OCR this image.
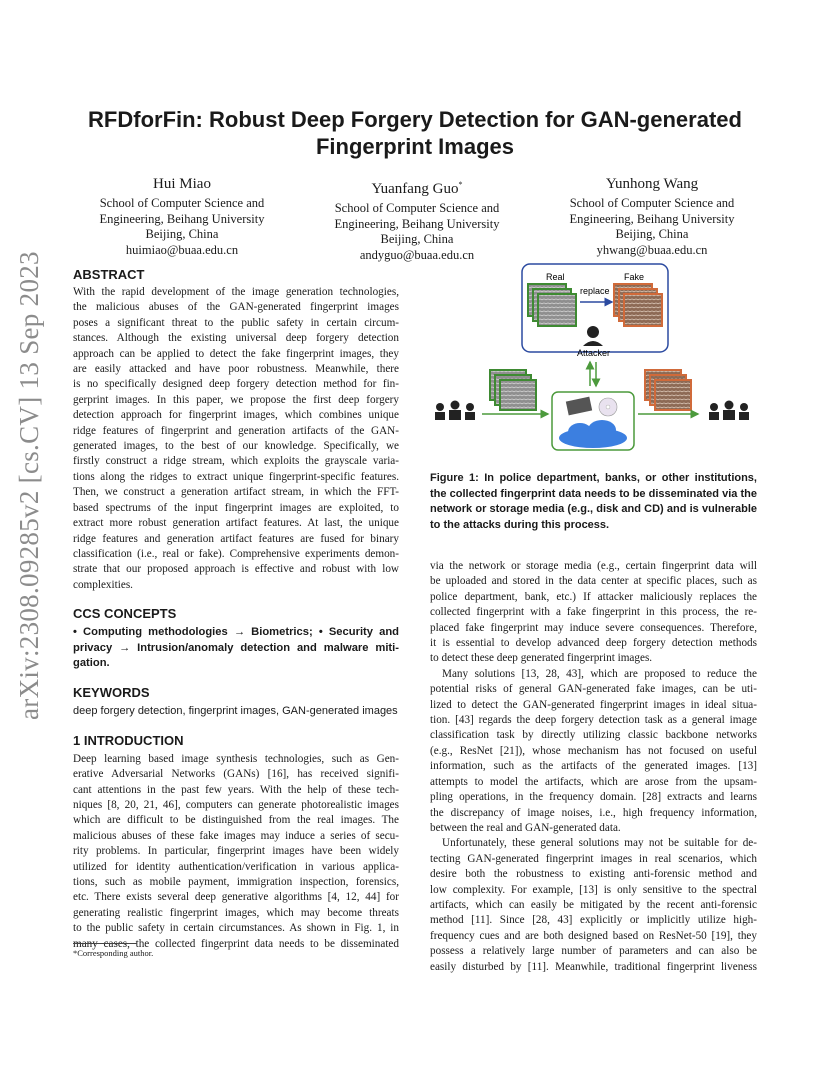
arXiv:2308.09285v2 [cs.CV] 13 Sep 2023
RFDforFin: Robust Deep Forgery Detection for GAN-generated
Fingerprint Images
Hui Miao
School of Computer Science and
Engineering, Beihang University
Beijing, China
huimiao@buaa.edu.cn
Yuanfang Guo*
School of Computer Science and
Engineering, Beihang University
Beijing, China
andyguo@buaa.edu.cn
Yunhong Wang
School of Computer Science and
Engineering, Beihang University
Beijing, China
yhwang@buaa.edu.cn
ABSTRACT
With the rapid development of the image generation technologies,
the malicious abuses of the GAN-generated fingerprint images
poses a significant threat to the public safety in certain circum-
stances. Although the existing universal deep forgery detection
approach can be applied to detect the fake fingerprint images, they
are easily attacked and have poor robustness. Meanwhile, there
is no specifically designed deep forgery detection method for fin-
gerprint images. In this paper, we propose the first deep forgery
detection approach for fingerprint images, which combines unique
ridge features of fingerprint and generation artifacts of the GAN-
generated images, to the best of our knowledge. Specifically, we
firstly construct a ridge stream, which exploits the grayscale varia-
tions along the ridges to extract unique fingerprint-specific features.
Then, we construct a generation artifact stream, in which the FFT-
based spectrums of the input fingerprint images are exploited, to
extract more robust generation artifact features. At last, the unique
ridge features and generation artifact features are fused for binary
classification (i.e., real or fake). Comprehensive experiments demon-
strate that our proposed approach is effective and robust with low
complexities.
CCS CONCEPTS
• Computing methodologies → Biometrics; • Security and
privacy → Intrusion/anomaly detection and malware miti-
gation.
KEYWORDS
deep forgery detection, fingerprint images, GAN-generated images
1 INTRODUCTION
Deep learning based image synthesis technologies, such as Gen-
erative Adversarial Networks (GANs) [16], has received signifi-
cant attentions in the past few years. With the help of these tech-
niques [8, 20, 21, 46], computers can generate photorealistic images
which are difficult to be distinguished from the real images. The
malicious abuses of these fake images may induce a series of secu-
rity problems. In particular, fingerprint images have been widely
utilized for identity authentication/verification in various applica-
tions, such as mobile payment, immigration inspection, forensics,
etc. There exists several deep generative algorithms [4, 12, 44] for
generating realistic fingerprint images, which may become threats
to the public safety in certain circumstances. As shown in Fig. 1, in
many cases, the collected fingerprint data needs to be disseminated
*Corresponding author.
Real	Fake
replace
Attacker
Figure 1: In police department, banks, or other institutions,
the collected fingerprint data needs to be disseminated via the
network or storage media (e.g., disk and CD) and is vulnerable
to the attacks during this process.
via the network or storage media (e.g., certain fingerprint data will
be uploaded and stored in the data center at specific places, such as
police department, bank, etc.) If attacker maliciously replaces the
collected fingerprint with a fake fingerprint in this process, the re-
placed fake fingerprint may induce severe consequences. Therefore,
it is essential to develop advanced deep forgery detection methods
to detect these deep generated fingerprint images.
Many solutions [13, 28, 43], which are proposed to reduce the
potential risks of general GAN-generated fake images, can be uti-
lized to detect the GAN-generated fingerprint images in ideal situa-
tion. [43] regards the deep forgery detection task as a general image
classification task by directly utilizing classic backbone networks
(e.g., ResNet [21]), whose mechanism has not focused on useful
information, such as the artifacts of the generated images. [13]
attempts to model the artifacts, which are arose from the upsam-
pling operations, in the frequency domain. [28] extracts and learns
the discrepancy of image noises, i.e., high frequency information,
between the real and GAN-generated data.
Unfortunately, these general solutions may not be suitable for de-
tecting GAN-generated fingerprint images in real scenarios, which
desire both the robustness to existing anti-forensic method and
low complexity. For example, [13] is only sensitive to the spectral
artifacts, which can easily be mitigated by the recent anti-forensic
method [11]. Since [28, 43] explicitly or implicitly utilize high-
frequency cues and are both designed based on ResNet-50 [19], they
possess a relatively large number of parameters and can also be
easily disturbed by [11]. Meanwhile, traditional fingerprint liveness
